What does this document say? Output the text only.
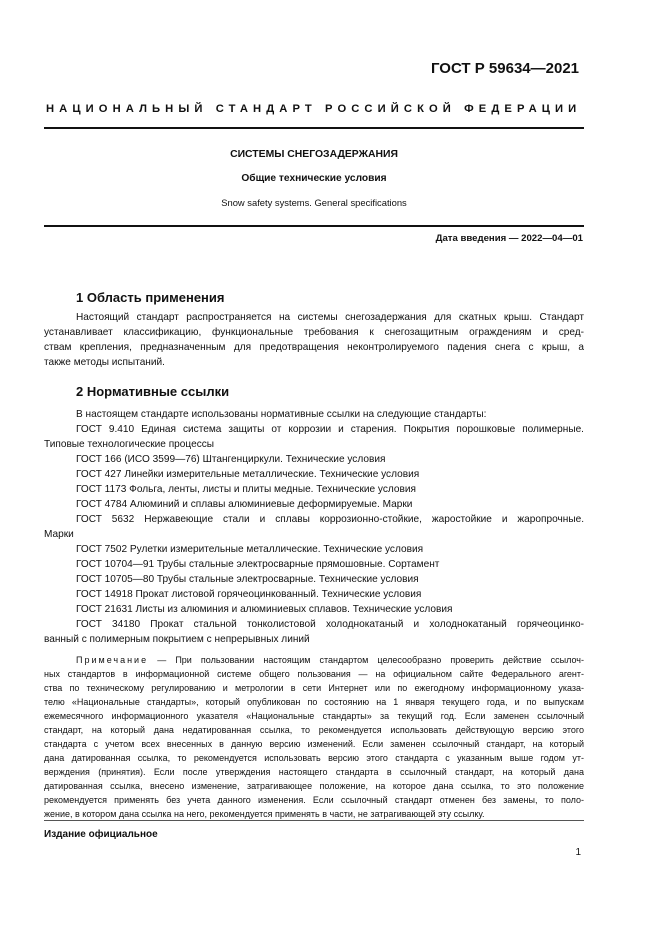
ГОСТ Р 59634—2021
НАЦИОНАЛЬНЫЙ СТАНДАРТ РОССИЙСКОЙ ФЕДЕРАЦИИ
СИСТЕМЫ СНЕГОЗАДЕРЖАНИЯ
Общие технические условия
Snow safety systems. General specifications
Дата введения — 2022—04—01
1 Область применения
Настоящий стандарт распространяется на системы снегозадержания для скатных крыш. Стандарт
устанавливает классификацию, функциональные требования к снегозащитным ограждениям и сред-
ствам крепления, предназначенным для предотвращения неконтролируемого падения снега с крыш, а
также методы испытаний.
2 Нормативные ссылки
В настоящем стандарте использованы нормативные ссылки на следующие стандарты:
ГОСТ 9.410 Единая система защиты от коррозии и старения. Покрытия порошковые полимерные.
Типовые технологические процессы
ГОСТ 166 (ИСО 3599—76) Штангенциркули. Технические условия
ГОСТ 427 Линейки измерительные металлические. Технические условия
ГОСТ 1173 Фольга, ленты, листы и плиты медные. Технические условия
ГОСТ 4784 Алюминий и сплавы алюминиевые деформируемые. Марки
ГОСТ 5632 Нержавеющие стали и сплавы коррозионно-стойкие, жаростойкие и жаропрочные.
Марки
ГОСТ 7502 Рулетки измерительные металлические. Технические условия
ГОСТ 10704—91 Трубы стальные электросварные прямошовные. Сортамент
ГОСТ 10705—80 Трубы стальные электросварные. Технические условия
ГОСТ 14918 Прокат листовой горячеоцинкованный. Технические условия
ГОСТ 21631 Листы из алюминия и алюминиевых сплавов. Технические условия
ГОСТ 34180 Прокат стальной тонколистовой холоднокатаный и холоднокатаный горячеоцинко-
ванный с полимерным покрытием с непрерывных линий
Примечание — При пользовании настоящим стандартом целесообразно проверить действие ссылоч-
ных стандартов в информационной системе общего пользования — на официальном сайте Федерального агент-
ства по техническому регулированию и метрологии в сети Интернет или по ежегодному информационному указа-
телю «Национальные стандарты», который опубликован по состоянию на 1 января текущего года, и по выпускам
ежемесячного информационного указателя «Национальные стандарты» за текущий год. Если заменен ссылочный
стандарт, на который дана недатированная ссылка, то рекомендуется использовать действующую версию этого
стандарта с учетом всех внесенных в данную версию изменений. Если заменен ссылочный стандарт, на который
дана датированная ссылка, то рекомендуется использовать версию этого стандарта с указанным выше годом ут-
верждения (принятия). Если после утверждения настоящего стандарта в ссылочный стандарт, на который дана
датированная ссылка, внесено изменение, затрагивающее положение, на которое дана ссылка, то это положение
рекомендуется применять без учета данного изменения. Если ссылочный стандарт отменен без замены, то поло-
жение, в котором дана ссылка на него, рекомендуется применять в части, не затрагивающей эту ссылку.
Издание официальное
1
